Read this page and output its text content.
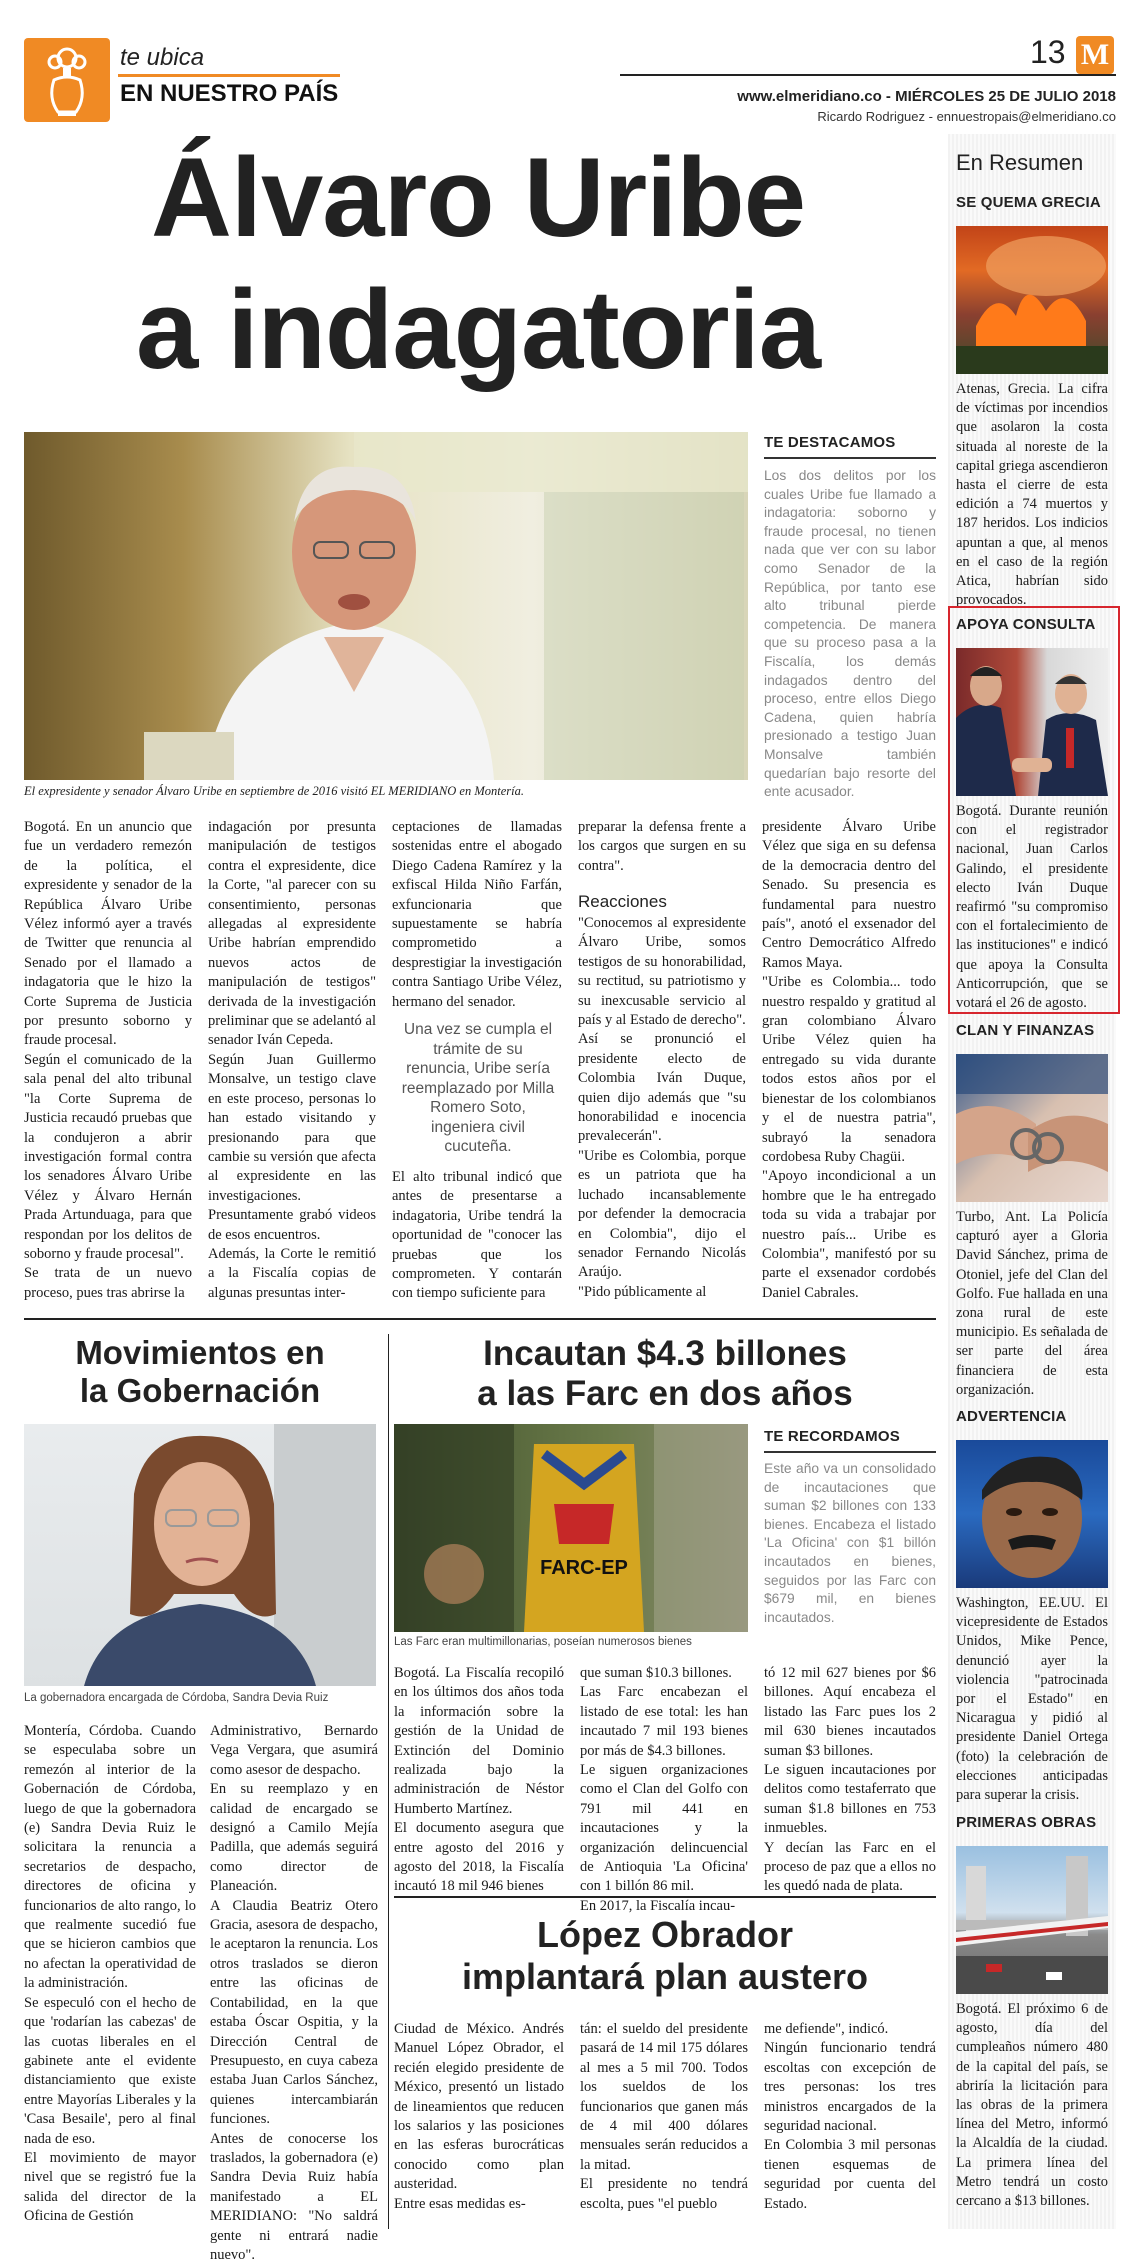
te ubica
EN NUESTRO PAÍS
13 M
www.elmeridiano.co - MIÉRCOLES 25 DE JULIO 2018
Ricardo Rodriguez - ennuestropais@elmeridiano.co
Álvaro Uribe
a indagatoria
El expresidente y senador Álvaro Uribe en septiembre de 2016 visitó EL MERIDIANO en Montería.
TE DESTACAMOS
Los dos delitos por los cuales Uribe fue llamado a indagatoria: soborno y fraude procesal, no tienen nada que ver con su labor como Senador de la República, por tanto ese alto tribunal pierde competencia. De manera que su proceso pasa a la Fiscalía, los demás indagados dentro del proceso, entre ellos Diego Cadena, quien habría presionado a testigo Juan Monsalve también quedarían bajo resorte del ente acusador.
Bogotá. En un anuncio que fue un verdadero remezón de la política, el expresidente y senador de la República Álvaro Uribe Vélez informó ayer a través de Twitter que renuncia al Senado por el llamado a indagatoria que le hizo la Corte Suprema de Justicia por presunto soborno y fraude procesal.
Según el comunicado de la sala penal del alto tribunal "la Corte Suprema de Justicia recaudó pruebas que la condujeron a abrir investigación formal contra los senadores Álvaro Uribe Vélez y Álvaro Hernán Prada Artunduaga, para que respondan por los delitos de soborno y fraude procesal".
Se trata de un nuevo proceso, pues tras abrirse la
indagación por presunta manipulación de testigos contra el expresidente, dice la Corte, "al parecer con su consentimiento, personas allegadas al expresidente Uribe habrían emprendido nuevos actos de manipulación de testigos" derivada de la investigación preliminar que se adelantó al senador Iván Cepeda.
Según Juan Guillermo Monsalve, un testigo clave en este proceso, personas lo han estado visitando y presionando para que cambie su versión que afecta al expresidente en las investigaciones. Presuntamente grabó videos de esos encuentros.
Además, la Corte le remitió a la Fiscalía copias de algunas presuntas inter-
ceptaciones de llamadas sostenidas entre el abogado Diego Cadena Ramírez y la exfiscal Hilda Niño Farfán, exfuncionaria que supuestamente se habría comprometido a desprestigiar la investigación contra Santiago Uribe Vélez, hermano del senador.
Una vez se cumpla el trámite de su renuncia, Uribe sería reemplazado por Milla Romero Soto, ingeniera civil cucuteña.
El alto tribunal indicó que antes de presentarse a indagatoria, Uribe tendrá la oportunidad de "conocer las pruebas que los comprometen. Y contarán con tiempo suficiente para
preparar la defensa frente a los cargos que surgen en su contra".
Reacciones
"Conocemos al expresidente Álvaro Uribe, somos testigos de su honorabilidad, su rectitud, su patriotismo y su inexcusable servicio al país y al Estado de derecho".
Así se pronunció el presidente electo de Colombia Iván Duque, quien dijo además que "su honorabilidad e inocencia prevalecerán".
"Uribe es Colombia, porque es un patriota que ha luchado incansablemente por defender la democracia en Colombia", dijo el senador Fernando Nicolás Araújo.
"Pido públicamente al
presidente Álvaro Uribe Vélez que siga en su defensa de la democracia dentro del Senado. Su presencia es fundamental para nuestro país", anotó el exsenador del Centro Democrático Alfredo Ramos Maya.
"Uribe es Colombia... todo nuestro respaldo y gratitud al gran colombiano Álvaro Uribe Vélez quien ha entregado su vida durante todos estos años por el bienestar de los colombianos y el de nuestra patria", subrayó la senadora cordobesa Ruby Chagüi.
"Apoyo incondicional a un hombre que le ha entregado toda su vida a trabajar por nuestro país... Uribe es Colombia", manifestó por su parte el exsenador cordobés Daniel Cabrales.
Movimientos en
la Gobernación
La gobernadora encargada de Córdoba, Sandra Devia Ruiz
Montería, Córdoba. Cuando se especulaba sobre un remezón al interior de la Gobernación de Córdoba, luego de que la gobernadora (e) Sandra Devia Ruiz le solicitara la renuncia a secretarios de despacho, directores de oficina y funcionarios de alto rango, lo que realmente sucedió fue que se hicieron cambios que no afectan la operatividad de la administración.
Se especuló con el hecho de que 'rodarían las cabezas' de las cuotas liberales en el gabinete ante el evidente distanciamiento que existe entre Mayorías Liberales y la 'Casa Besaile', pero al final nada de eso.
El movimiento de mayor nivel que se registró fue la salida del director de la Oficina de Gestión
Administrativo, Bernardo Vega Vergara, que asumirá como asesor de despacho.
En su reemplazo y en calidad de encargado se designó a Camilo Mejía Padilla, que además seguirá como director de Planeación.
A Claudia Beatriz Otero Gracia, asesora de despacho, le aceptaron la renuncia. Los otros traslados se dieron entre las oficinas de Contabilidad, en la que estaba Óscar Ospitia, y la Dirección Central de Presupuesto, en cuya cabeza estaba Juan Carlos Sánchez, quienes intercambiarán funciones.
Antes de conocerse los traslados, la gobernadora (e) Sandra Devia Ruiz había manifestado a EL MERIDIANO: "No saldrá gente ni entrará nadie nuevo".
Incautan $4.3 billones
a las Farc en dos años
FARC-EP
Las Farc eran multimillonarias, poseían numerosos bienes
TE RECORDAMOS
Este año va un consolidado de incautaciones que suman $2 billones con 133 bienes. Encabeza el listado 'La Oficina' con $1 billón incautados en bienes, seguidos por las Farc con $679 mil, en bienes incautados.
Bogotá. La Fiscalía recopiló en los últimos dos años toda la información sobre la gestión de la Unidad de Extinción del Dominio realizada bajo la administración de Néstor Humberto Martínez.
El documento asegura que entre agosto del 2016 y agosto del 2018, la Fiscalía incautó 18 mil 946 bienes
que suman $10.3 billones.
Las Farc encabezan el listado de ese total: les han incautado 7 mil 193 bienes por más de $4.3 billones.
Le siguen organizaciones como el Clan del Golfo con 791 mil 441 en incautaciones y la organización delincuencial de Antioquia 'La Oficina' con 1 billón 86 mil.
En 2017, la Fiscalía incau-
tó 12 mil 627 bienes por $6 billones. Aquí encabeza el listado las Farc pues los 2 mil 630 bienes incautados suman $3 billones.
Le siguen incautaciones por delitos como testaferrato que suman $1.8 billones en 753 inmuebles.
Y decían las Farc en el proceso de paz que a ellos no les quedó nada de plata.
López Obrador
implantará plan austero
Ciudad de México. Andrés Manuel López Obrador, el recién elegido presidente de México, presentó un listado de lineamientos que reducen los salarios y las posiciones en las esferas burocráticas conocido como plan austeridad.
Entre esas medidas es-
tán: el sueldo del presidente pasará de 14 mil 175 dólares al mes a 5 mil 700. Todos los sueldos de los funcionarios que ganen más de 4 mil 400 dólares mensuales serán reducidos a la mitad.
El presidente no tendrá escolta, pues "el pueblo
me defiende", indicó.
Ningún funcionario tendrá escoltas con excepción de tres personas: los tres ministros encargados de la seguridad nacional.
En Colombia 3 mil personas tienen esquemas de seguridad por cuenta del Estado.
En Resumen
SE QUEMA GRECIA
Atenas, Grecia. La cifra de víctimas por incendios que asolaron la costa situada al noreste de la capital griega ascendieron hasta el cierre de esta edición a 74 muertos y 187 heridos. Los indicios apuntan a que, al menos en el caso de la región Atica, habrían sido provocados.
APOYA CONSULTA
Bogotá. Durante reunión con el registrador nacional, Juan Carlos Galindo, el presidente electo Iván Duque reafirmó "su compromiso con el fortalecimiento de las instituciones" e indicó que apoya la Consulta Anticorrupción, que se votará el 26 de agosto.
CLAN Y FINANZAS
Turbo, Ant. La Policía capturó ayer a Gloria David Sánchez, prima de Otoniel, jefe del Clan del Golfo. Fue hallada en una zona rural de este municipio. Es señalada de ser parte del área financiera de esta organización.
ADVERTENCIA
Washington, EE.UU. El vicepresidente de Estados Unidos, Mike Pence, denunció ayer la violencia "patrocinada por el Estado" en Nicaragua y pidió al presidente Daniel Ortega (foto) la celebración de elecciones anticipadas para superar la crisis.
PRIMERAS OBRAS
Bogotá. El próximo 6 de agosto, día del cumpleaños número 480 de la capital del país, se abriría la licitación para las obras de la primera línea del Metro, informó la Alcaldía de la ciudad. La primera línea del Metro tendrá un costo cercano a $13 billones.
